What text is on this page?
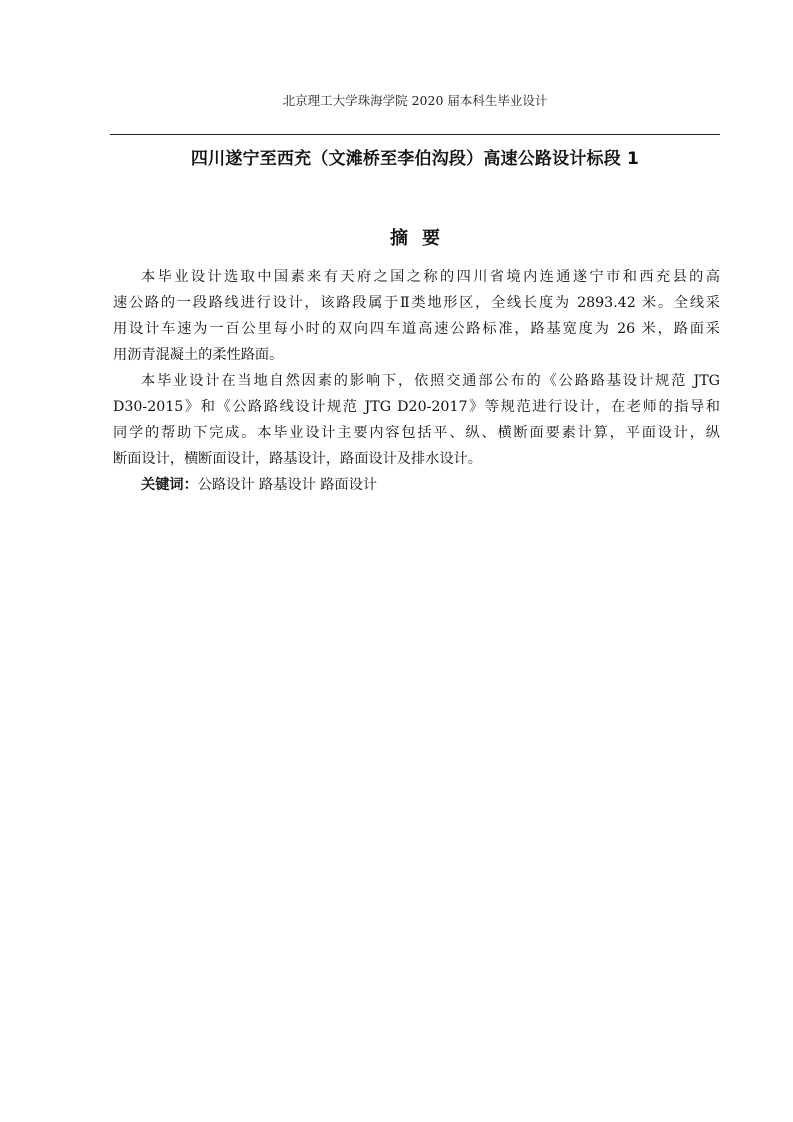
北京理工大学珠海学院 2020 届本科生毕业设计
四川遂宁至西充（文滩桥至李伯沟段）高速公路设计标段 1
摘要
本毕业设计选取中国素来有天府之国之称的四川省境内连通遂宁市和西充县的高
速公路的一段路线进行设计，该路段属于Ⅱ类地形区，全线长度为 2893.42 米。全线采
用设计车速为一百公里每小时的双向四车道高速公路标准，路基宽度为 26 米，路面采
用沥青混凝土的柔性路面。
本毕业设计在当地自然因素的影响下，依照交通部公布的《公路路基设计规范 JTG
D30-2015》和《公路路线设计规范 JTG D20-2017》等规范进行设计，在老师的指导和
同学的帮助下完成。本毕业设计主要内容包括平、纵、横断面要素计算，平面设计，纵
断面设计，横断面设计，路基设计，路面设计及排水设计。
关键词：公路设计 路基设计 路面设计
